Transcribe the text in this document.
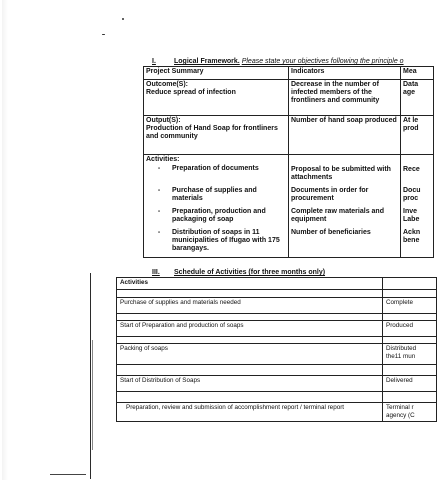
I.	Logical Framework. Please state your objectives following the principle o
Project Summary	Indicators	Mea

Outcome(S):
Reduce spread of infection	Decrease in the number of infected members of the frontliners and community	Data age

Output(S):
Production of Hand Soap for frontliners and community	Number of hand soap produced	At le prod
Activities:		

- Preparation of documents	Proposal to be submitted with attachments	Rece

- Purchase of supplies and materials	Documents in order for procurement	Docu proc

- Preparation, production and packaging of soap	Complete raw materials and equipment	Inve Labe

- Distribution of soaps in 11 municipalities of Ifugao with 175 barangays.	Number of beneficiaries	Ackn bene
III. Schedule of Activities (for three months only)
Activities	

Purchase of supplies and materials needed	Complete

Start of Preparation and production of soaps	Produced

Packing of soaps	Distributed the11 mun

Start of Distribution of Soaps	Delivered

Preparation, review and submission of accomplishment report / terminal report	Terminal r agency (C
